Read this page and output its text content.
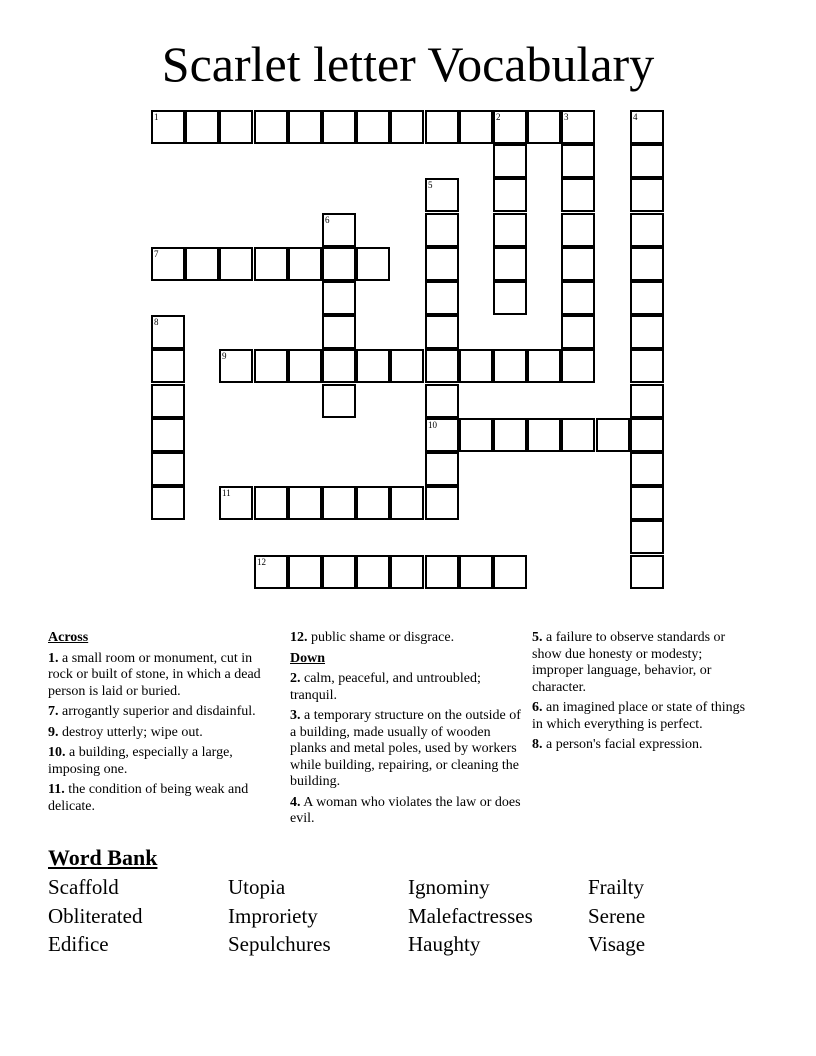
Scarlet letter Vocabulary
1	2	3	4
5
10
6
7
8
9
11
12
Across
1. a small room or monument, cut in rock or built of stone, in which a dead person is laid or buried.
7. arrogantly superior and disdainful.
9. destroy utterly; wipe out.
10. a building, especially a large, imposing one.
11. the condition of being weak and delicate.
12. public shame or disgrace.
Down
2. calm, peaceful, and untroubled; tranquil.
3. a temporary structure on the outside of a building, made usually of wooden planks and metal poles, used by workers while building, repairing, or cleaning the building.
4. A woman who violates the law or does evil.
5. a failure to observe standards or show due honesty or modesty; improper language, behavior, or character.
6. an imagined place or state of things in which everything is perfect.
8. a person's facial expression.
Word Bank
Scaffold	Utopia	Ignominy	Frailty
Obliterated	Improriety	Malefactresses	Serene
Edifice	Sepulchures	Haughty	Visage
